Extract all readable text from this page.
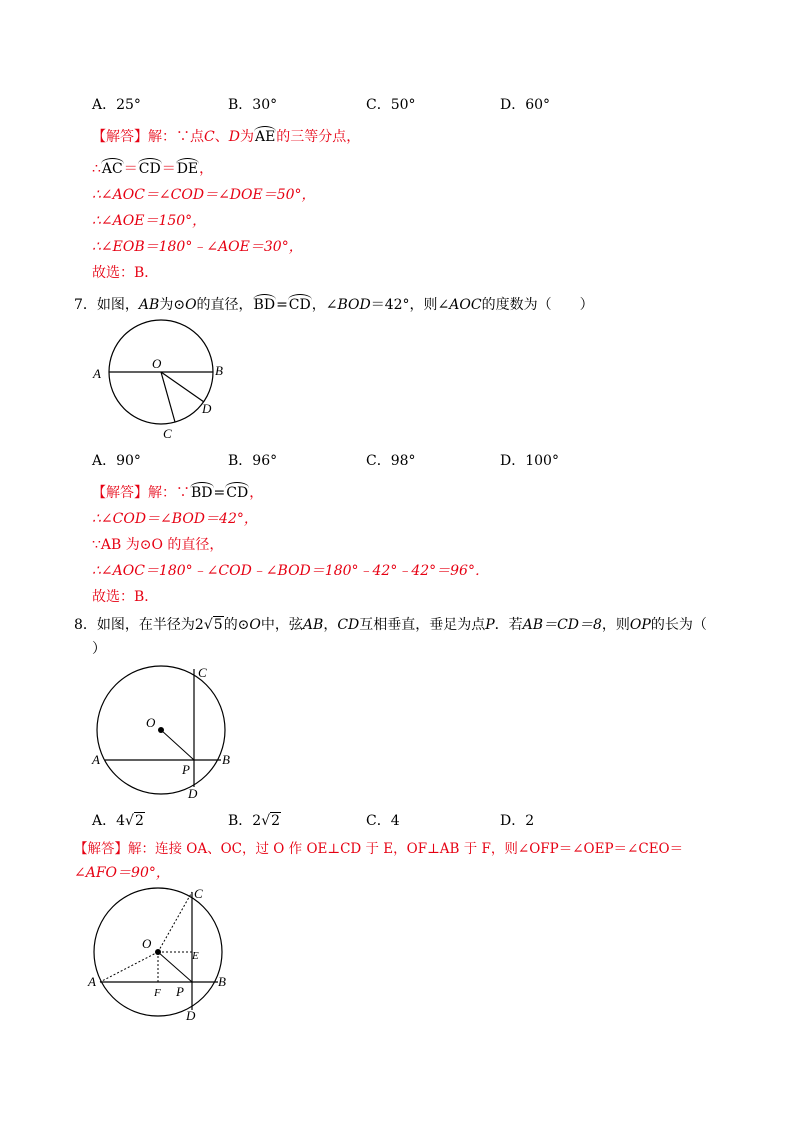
A．25°	B．30°	C．50°	D．60°
【解答】解：∵点C、D为AE的三等分点，
∴AC＝CD＝DE，
∴∠AOC＝∠COD＝∠DOE＝50°，
∴∠AOE＝150°，
∴∠EOB＝180°﹣∠AOE＝30°，
故选：B．
7．如图，AB为⊙O的直径，BD=CD，∠BOD＝42°，则∠AOC的度数为（　　）
A	B
O
D
C
A．90°	B．96°	C．98°	D．100°
【解答】解：∵BD=CD，
∴∠COD＝∠BOD＝42°，
∵AB 为⊙O 的直径，
∴∠AOC＝180°﹣∠COD﹣∠BOD＝180°﹣42°﹣42°＝96°．
故选：B．
8．如图，在半径为2√5的⊙O中，弦AB，CD互相垂直，垂足为点P．若AB＝CD＝8，则OP的长为（
）
C
O
A
P
B
D
A．4√2	B．2√2	C．4	D．2
【解答】解：连接 OA、OC，过 O 作 OE⊥CD 于 E，OF⊥AB 于 F，则∠OFP＝∠OEP＝∠CEO＝
∠AFO＝90°，
C
O
E
A
F P
B
D
